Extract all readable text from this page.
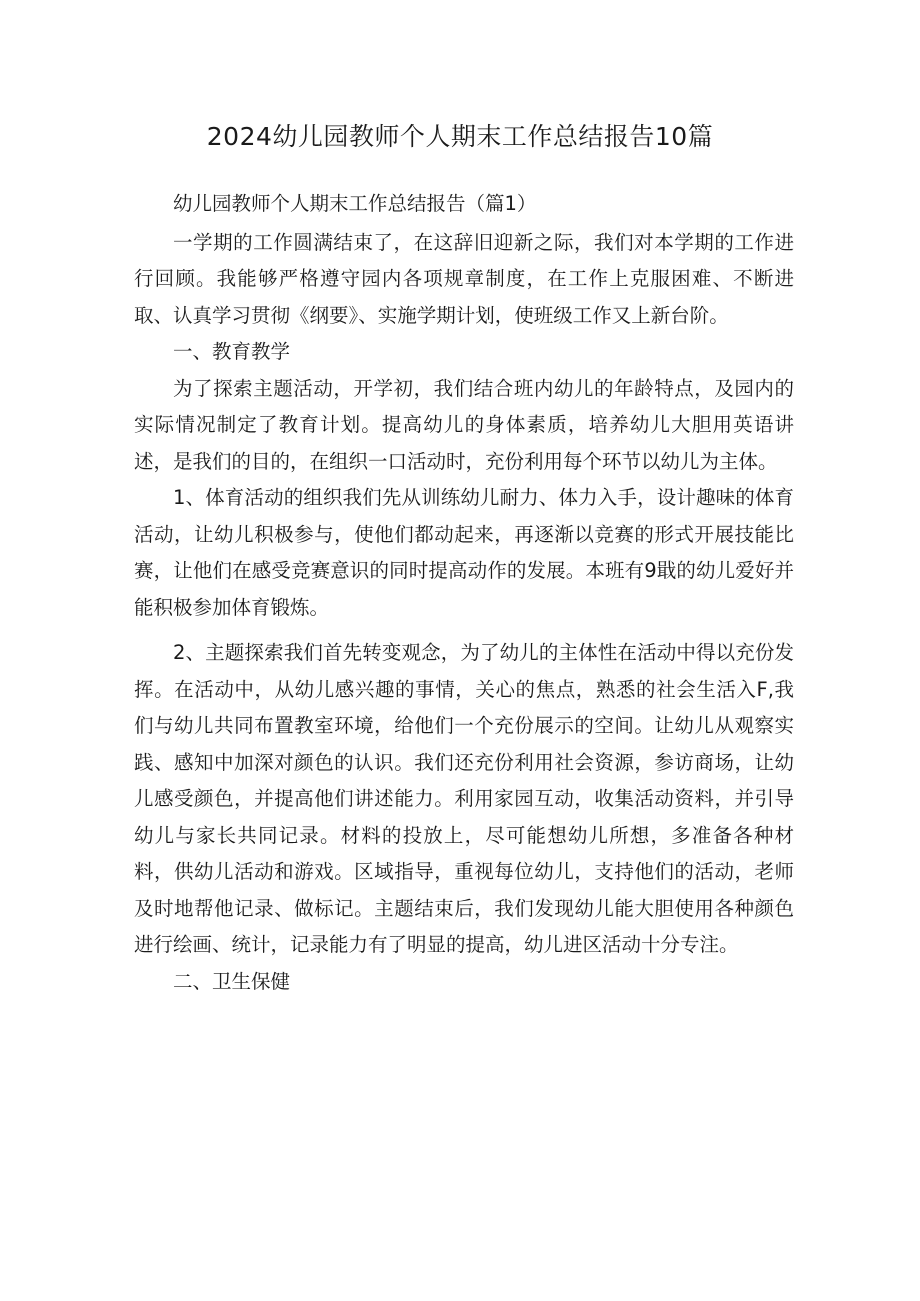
2024幼儿园教师个人期末工作总结报告10篇

幼儿园教师个人期末工作总结报告（篇1）

一学期的工作圆满结束了，在这辞旧迎新之际，我们对本学期的工作进行回顾。我能够严格遵守园内各项规章制度，在工作上克服困难、不断进取、认真学习贯彻《纲要》、实施学期计划，使班级工作又上新台阶。

一、教育教学

为了探索主题活动，开学初，我们结合班内幼儿的年龄特点，及园内的实际情况制定了教育计划。提高幼儿的身体素质，培养幼儿大胆用英语讲述，是我们的目的，在组织一口活动时，充份利用每个环节以幼儿为主体。

1、体育活动的组织我们先从训练幼儿耐力、体力入手，设计趣味的体育活动，让幼儿积极参与，使他们都动起来，再逐渐以竞赛的形式开展技能比赛，让他们在感受竞赛意识的同时提高动作的发展。本班有9戢的幼儿爱好并能积极参加体育锻炼。

2、主题探索我们首先转变观念，为了幼儿的主体性在活动中得以充份发挥。在活动中，从幼儿感兴趣的事情，关心的焦点，熟悉的社会生活入F,我们与幼儿共同布置教室环境，给他们一个充份展示的空间。让幼儿从观察实践、感知中加深对颜色的认识。我们还充份利用社会资源，参访商场，让幼儿感受颜色，并提高他们讲述能力。利用家园互动，收集活动资料，并引导幼儿与家长共同记录。材料的投放上，尽可能想幼儿所想，多准备各种材料，供幼儿活动和游戏。区域指导，重视每位幼儿，支持他们的活动，老师及时地帮他记录、做标记。主题结束后，我们发现幼儿能大胆使用各种颜色进行绘画、统计，记录能力有了明显的提高，幼儿进区活动十分专注。

二、卫生保健
